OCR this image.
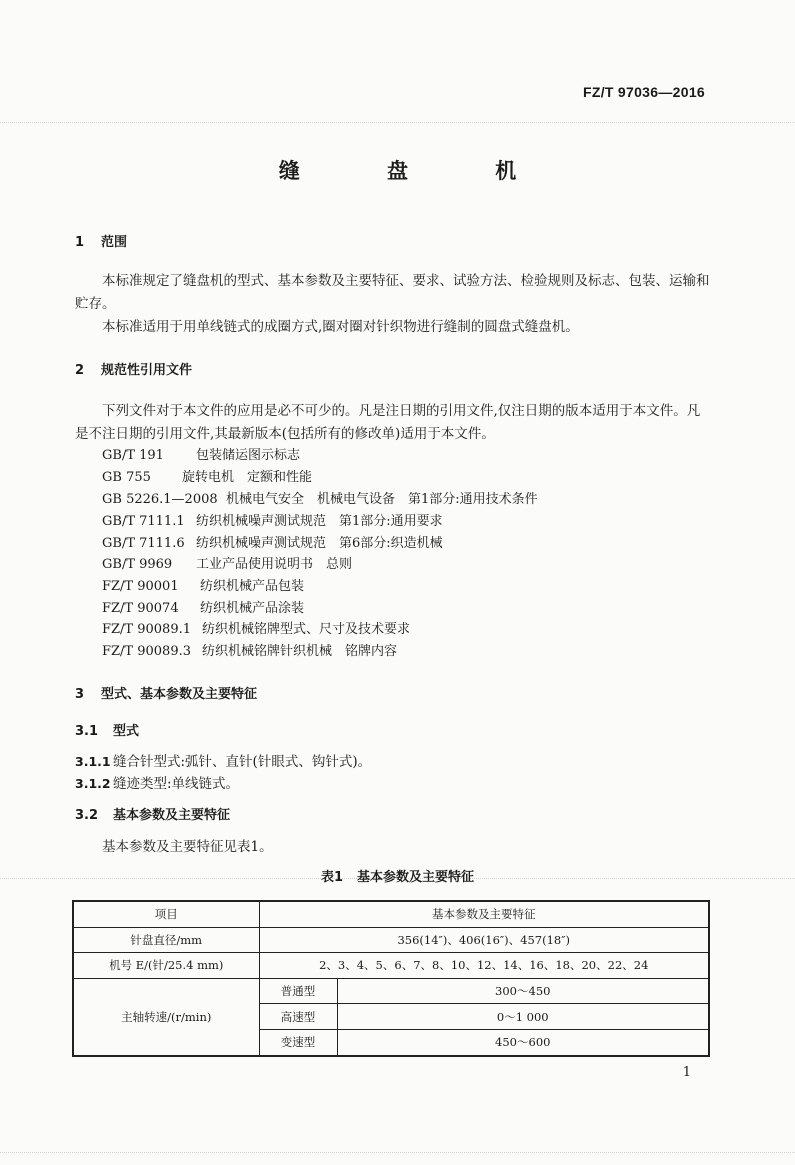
FZ/T 97036—2016
缝 盘 机
1 范围

本标准规定了缝盘机的型式、基本参数及主要特征、要求、试验方法、检验规则及标志、包装、运输和贮存。

本标准适用于用单线链式的成圈方式,圈对圈对针织物进行缝制的圆盘式缝盘机。

2 规范性引用文件
下列文件对于本文件的应用是必不可少的。凡是注日期的引用文件,仅注日期的版本适用于本文件。凡是不注日期的引用文件,其最新版本(包括所有的修改单)适用于本文件。
GB/T 191 包装储运图示标志
GB 755 旋转电机　定额和性能
GB 5226.1—2008 机械电气安全　机械电气设备　第1部分:通用技术条件
GB/T 7111.1 纺织机械噪声测试规范　第1部分:通用要求
GB/T 7111.6 纺织机械噪声测试规范　第6部分:织造机械
GB/T 9969 工业产品使用说明书　总则
FZ/T 90001 纺织机械产品包装
FZ/T 90074 纺织机械产品涂装
FZ/T 90089.1 纺织机械铭牌型式、尺寸及技术要求
FZ/T 90089.3 纺织机械铭牌针织机械　铭牌内容
3 型式、基本参数及主要特征
3.1 型式
3.1.1 缝合针型式:弧针、直针(针眼式、钩针式)。
3.1.2 缝迹类型:单线链式。
3.2 基本参数及主要特征
基本参数及主要特征见表1。
表1 基本参数及主要特征
项目	基本参数及主要特征	
针盘直径/mm	356(14″)、406(16″)、457(18″)	
机号 E/(针/25.4 mm)	2、3、4、5、6、7、8、10、12、14、16、18、20、22、24	
主轴转速/(r/min)	普通型	300～450
	高速型	0～1 000
	变速型	450～600
1
